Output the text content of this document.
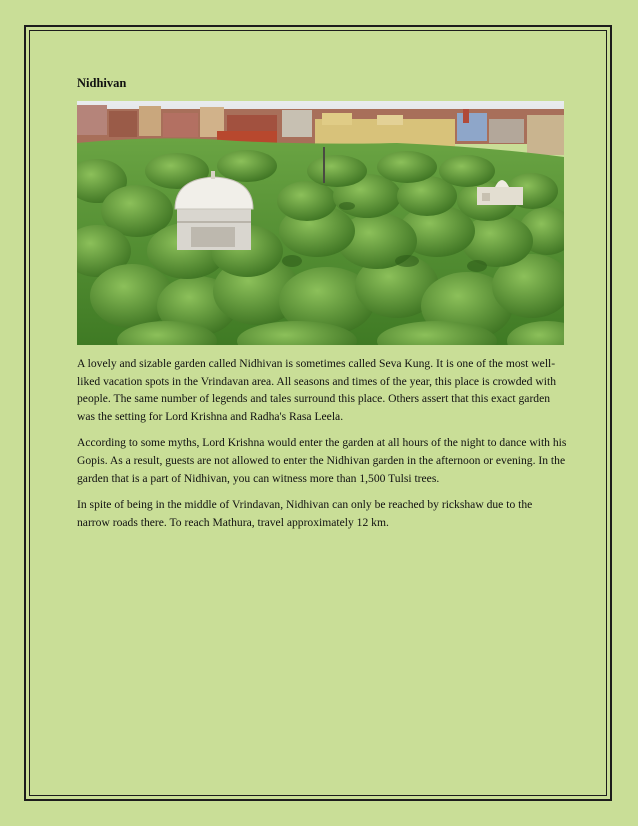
Nidhivan

A lovely and sizable garden called Nidhivan is sometimes called Seva Kung. It is one of the most well-liked vacation spots in the Vrindavan area. All seasons and times of the year, this place is crowded with people. The same number of legends and tales surround this place. Others assert that this exact garden was the setting for Lord Krishna and Radha's Rasa Leela.

According to some myths, Lord Krishna would enter the garden at all hours of the night to dance with his Gopis. As a result, guests are not allowed to enter the Nidhivan garden in the afternoon or evening. In the garden that is a part of Nidhivan, you can witness more than 1,500 Tulsi trees.

In spite of being in the middle of Vrindavan, Nidhivan can only be reached by rickshaw due to the narrow roads there. To reach Mathura, travel approximately 12 km.
